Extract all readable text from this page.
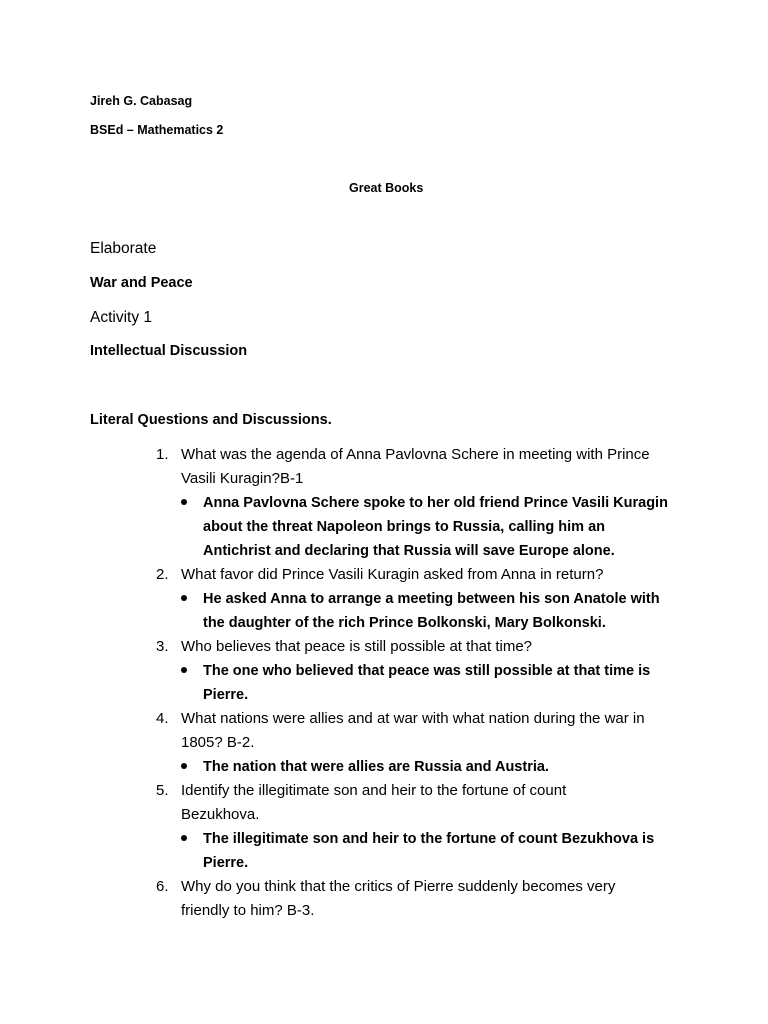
Jireh G. Cabasag
BSEd – Mathematics 2
Great Books
Elaborate
War and Peace
Activity 1
Intellectual Discussion
Literal Questions and Discussions.
1. What was the agenda of Anna Pavlovna Schere in meeting with Prince Vasili Kuragin?B-1
Anna Pavlovna Schere spoke to her old friend Prince Vasili Kuragin about the threat Napoleon brings to Russia, calling him an Antichrist and declaring that Russia will save Europe alone.
2. What favor did Prince Vasili Kuragin asked from Anna in return?
He asked Anna to arrange a meeting between his son Anatole with the daughter of the rich Prince Bolkonski, Mary Bolkonski.
3. Who believes that peace is still possible at that time?
The one who believed that peace was still possible at that time is Pierre.
4. What nations were allies and at war with what nation during the war in 1805? B-2.
The nation that were allies are Russia and Austria.
5. Identify the illegitimate son and heir to the fortune of count Bezukhova.
The illegitimate son and heir to the fortune of count Bezukhova is Pierre.
6. Why do you think that the critics of Pierre suddenly becomes very friendly to him? B-3.
